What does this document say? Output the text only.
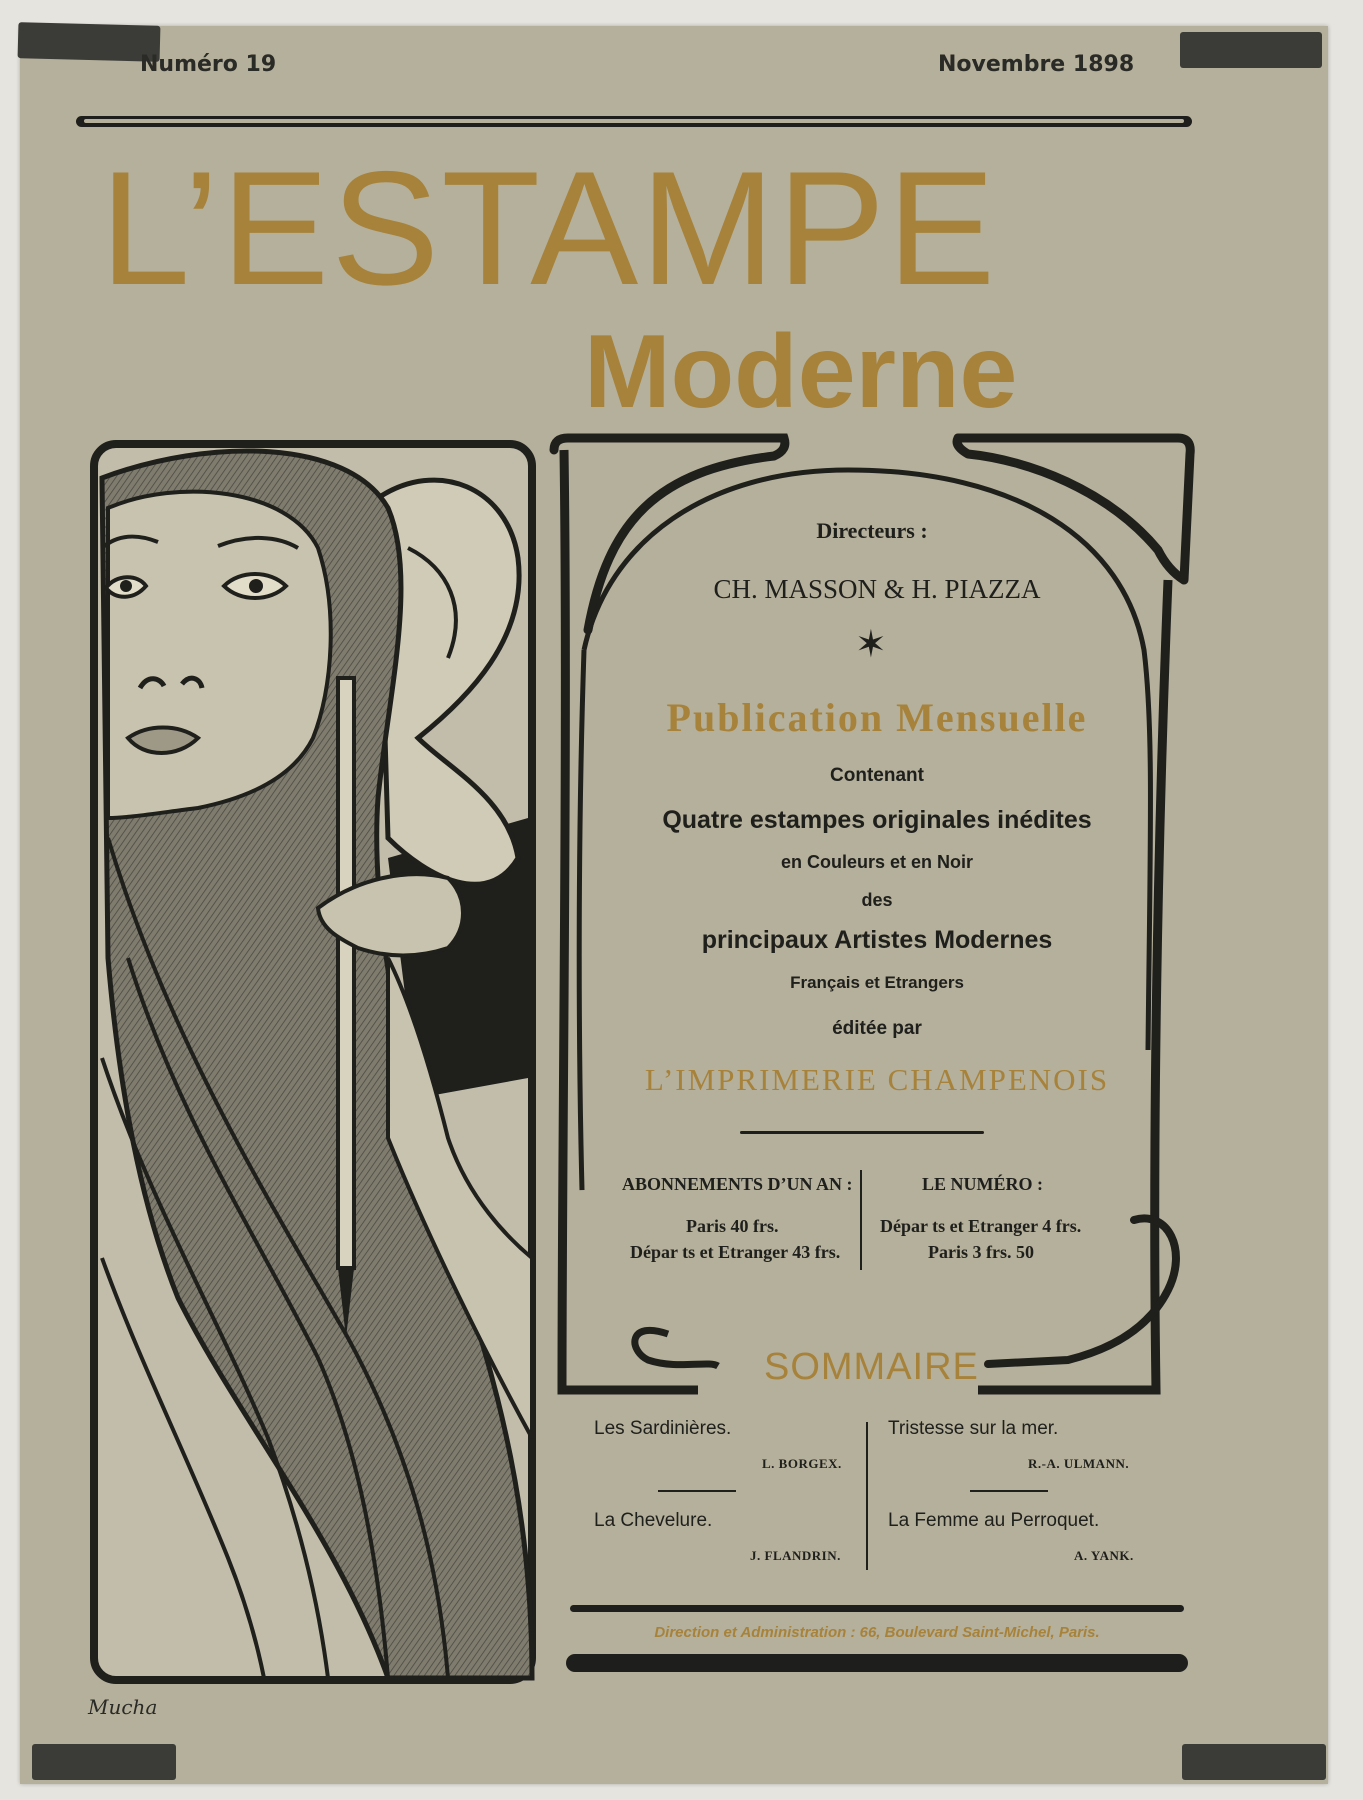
Numéro 19	Novembre 1898
L’ESTAMPE
Moderne
Mucha
Directeurs :
CH. MASSON & H. PIAZZA
✶
Publication Mensuelle
Contenant
Quatre estampes originales inédites
en Couleurs et en Noir
des
principaux Artistes Modernes
Français et Etrangers
éditée par
L’IMPRIMERIE CHAMPENOIS
ABONNEMENTS D’UN AN :
Paris 40 frs.
Dépar ts et Etranger 43 frs.
LE NUMÉRO :
Dépar ts et Etranger 4 frs.
Paris 3 frs. 50
SOMMAIRE
Les Sardinières.
L. BORGEX.
Tristesse sur la mer.
R.-A. ULMANN.
La Chevelure.
J. FLANDRIN.
La Femme au Perroquet.
A. YANK.
Direction et Administration : 66, Boulevard Saint-Michel, Paris.
